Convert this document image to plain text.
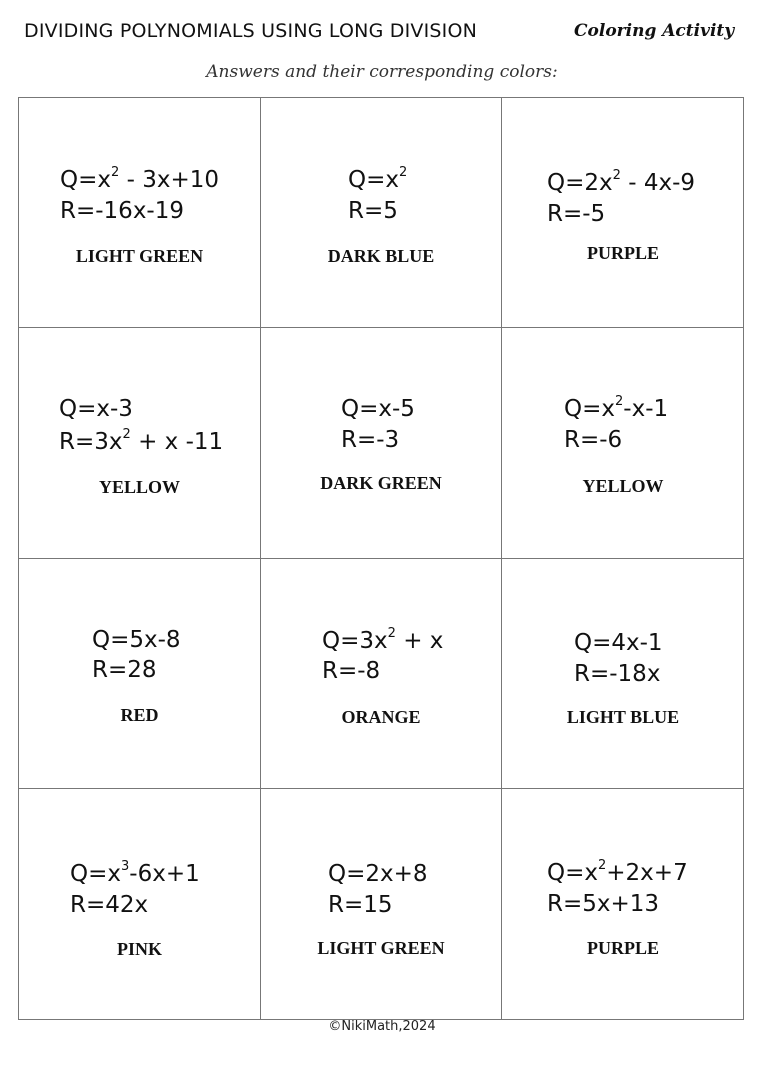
DIVIDING POLYNOMIALS USING LONG DIVISION	Coloring Activity
Answers and their corresponding colors:
$Q=x^2 - 3x+10$
R=-16x-19
LIGHT GREEN
$Q=x^2$
R=5
DARK BLUE
$Q=2x^2 - 4x-9$
R=-5
PURPLE
Q=x-3
$R=3x^2 + x$ -11
YELLOW
Q=x-5
R=-3
DARK GREEN
$Q=x^2-x-1$
R=-6
YELLOW
Q=5x-8
R=28
RED
$Q=3x^2 + x$
R=-8
ORANGE
Q=4x-1
R=-18x
LIGHT BLUE
$Q=x^3-6x+1$
R=42x
PINK
Q=2x+8
R=15
LIGHT GREEN
$Q=x^2+2x+7$
R=5x+13
PURPLE
©NikiMath,2024
